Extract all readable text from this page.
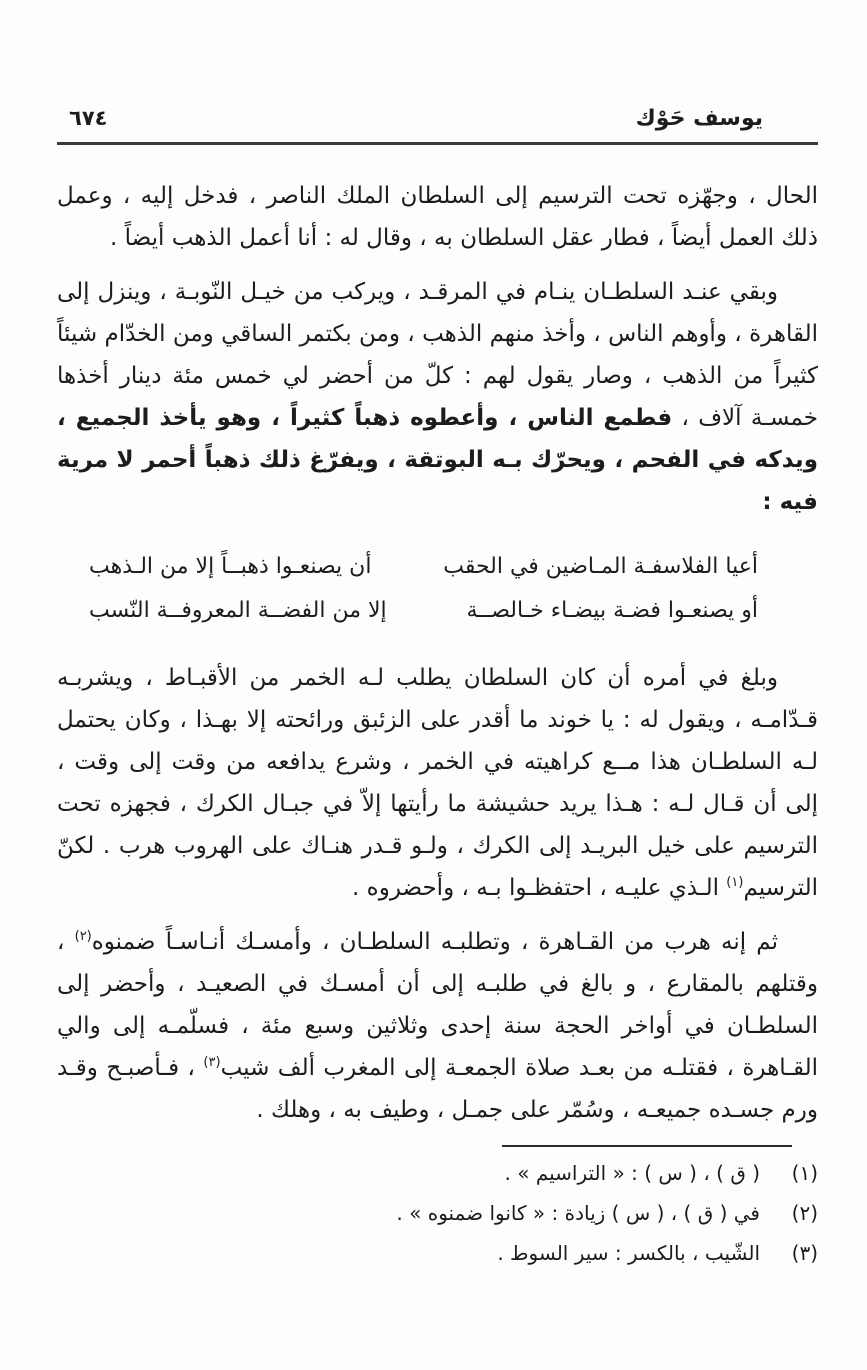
٦٧٤	يوسف حَوْك

الحال ، وجهّزه تحت الترسيم إلى السلطان الملك الناصر ، فدخل إليه ، وعمل ذلك العمل أيضاً ، فطار عقل السلطان به ، وقال له : أنا أعمل الذهب أيضاً .

وبقي عنـد السلطـان ينـام في المرقـد ، ويركب من خيـل النّوبـة ، وينزل إلى القاهرة ، وأوهم الناس ، وأخذ منهم الذهب ، ومن بكتمر الساقي ومن الخدّام شيئاً كثيراً من الذهب ، وصار يقول لهم : كلّ من أحضر لي خمس مئة دينار أخذها خمسـة آلاف ، فطمع الناس ، وأعطوه ذهباً كثيراً ، وهو يأخذ الجميع ، ويدكه في الفحم ، ويحرّك بـه البوتقة ، ويفرّغ ذلك ذهباً أحمر لا مرية فيه :

أعيا الفلاسفـة المـاضين في الحقب
أن يصنعـوا ذهبــاً إلا من الـذهب
أو يصنعـوا فضـة بيضـاء خـالصــة
إلا من الفضــة المعروفــة النّسب

وبلغ في أمره أن كان السلطان يطلب لـه الخمر من الأقبـاط ، ويشربـه قـدّامـه ، ويقول له : يا خوند ما أقدر على الزئبق ورائحته إلا بهـذا ، وكان يحتمل لـه السلطـان هذا مــع كراهيته في الخمر ، وشرع يدافعه من وقت إلى وقت ، إلى أن قـال لـه : هـذا يريد حشيشة ما رأيتها إلاّ في جبـال الكرك ، فجهزه تحت الترسيم على خيل البريـد إلى الكرك ، ولـو قـدر هنـاك على الهروب هرب . لكنّ الترسيم$^{(١)}$ الـذي عليـه ، احتفظـوا بـه ، وأحضروه .

ثم إنه هرب من القـاهرة ، وتطلبـه السلطـان ، وأمسـك أنـاسـاً ضمنوه$^{(٢)}$ ، وقتلهم بالمقارع ، و بالغ في طلبـه إلى أن أمسـك في الصعيـد ، وأحضر إلى السلطـان في أواخر الحجة سنة إحدى وثلاثين وسبع مئة ، فسلّمـه إلى والي القـاهرة ، فقتلـه من بعـد صلاة الجمعـة إلى المغرب ألف شيب$^{(٣)}$ ، فـأصبـح وقـد ورم جسـده جميعـه ، وسُمّر على جمـل ، وطيف به ، وهلك .

(١)
( ق ) ، ( س ) : « التراسيم » .
(٢)
في ( ق ) ، ( س ) زيادة : « كانوا ضمنوه » .
(٣)
الشّيب ، بالكسر : سير السوط .
